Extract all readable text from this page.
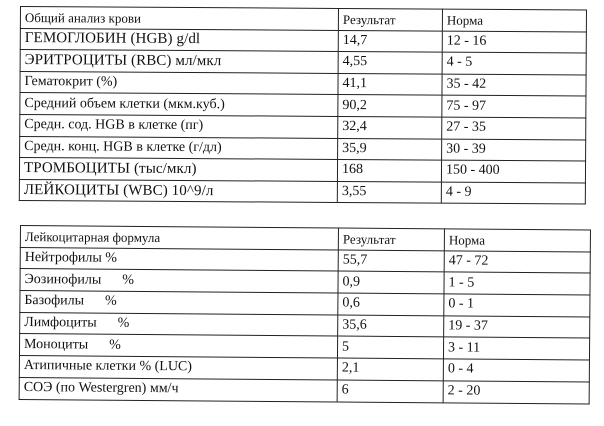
Общий анализ крови	Результат	Норма
ГЕМОГЛОБИН (HGB) g/dl	14,7	12 - 16
ЭРИТРОЦИТЫ (RBC) мл/мкл	4,55	4 - 5
Гематокрит (%)	41,1	35 - 42
Средний объем клетки (мкм.куб.)	90,2	75 - 97
Средн. сод. HGB в клетке (пг)	32,4	27 - 35
Средн. конц. HGB в клетке (г/дл)	35,9	30 - 39
ТРОМБОЦИТЫ (тыс/мкл)	168	150 - 400
ЛЕЙКОЦИТЫ (WBC) 10^9/л	3,55	4 - 9
Лейкоцитарная формула	Результат	Норма
Нейтрофилы %	55,7	47 - 72
Эозинофилы      %	0,9	1 - 5
Базофилы      %	0,6	0 - 1
Лимфоциты      %	35,6	19 - 37
Моноциты      %	5	3 - 11
Атипичные клетки % (LUC)	2,1	0 - 4
СОЭ (по Westergren) мм/ч	6	2 - 20
